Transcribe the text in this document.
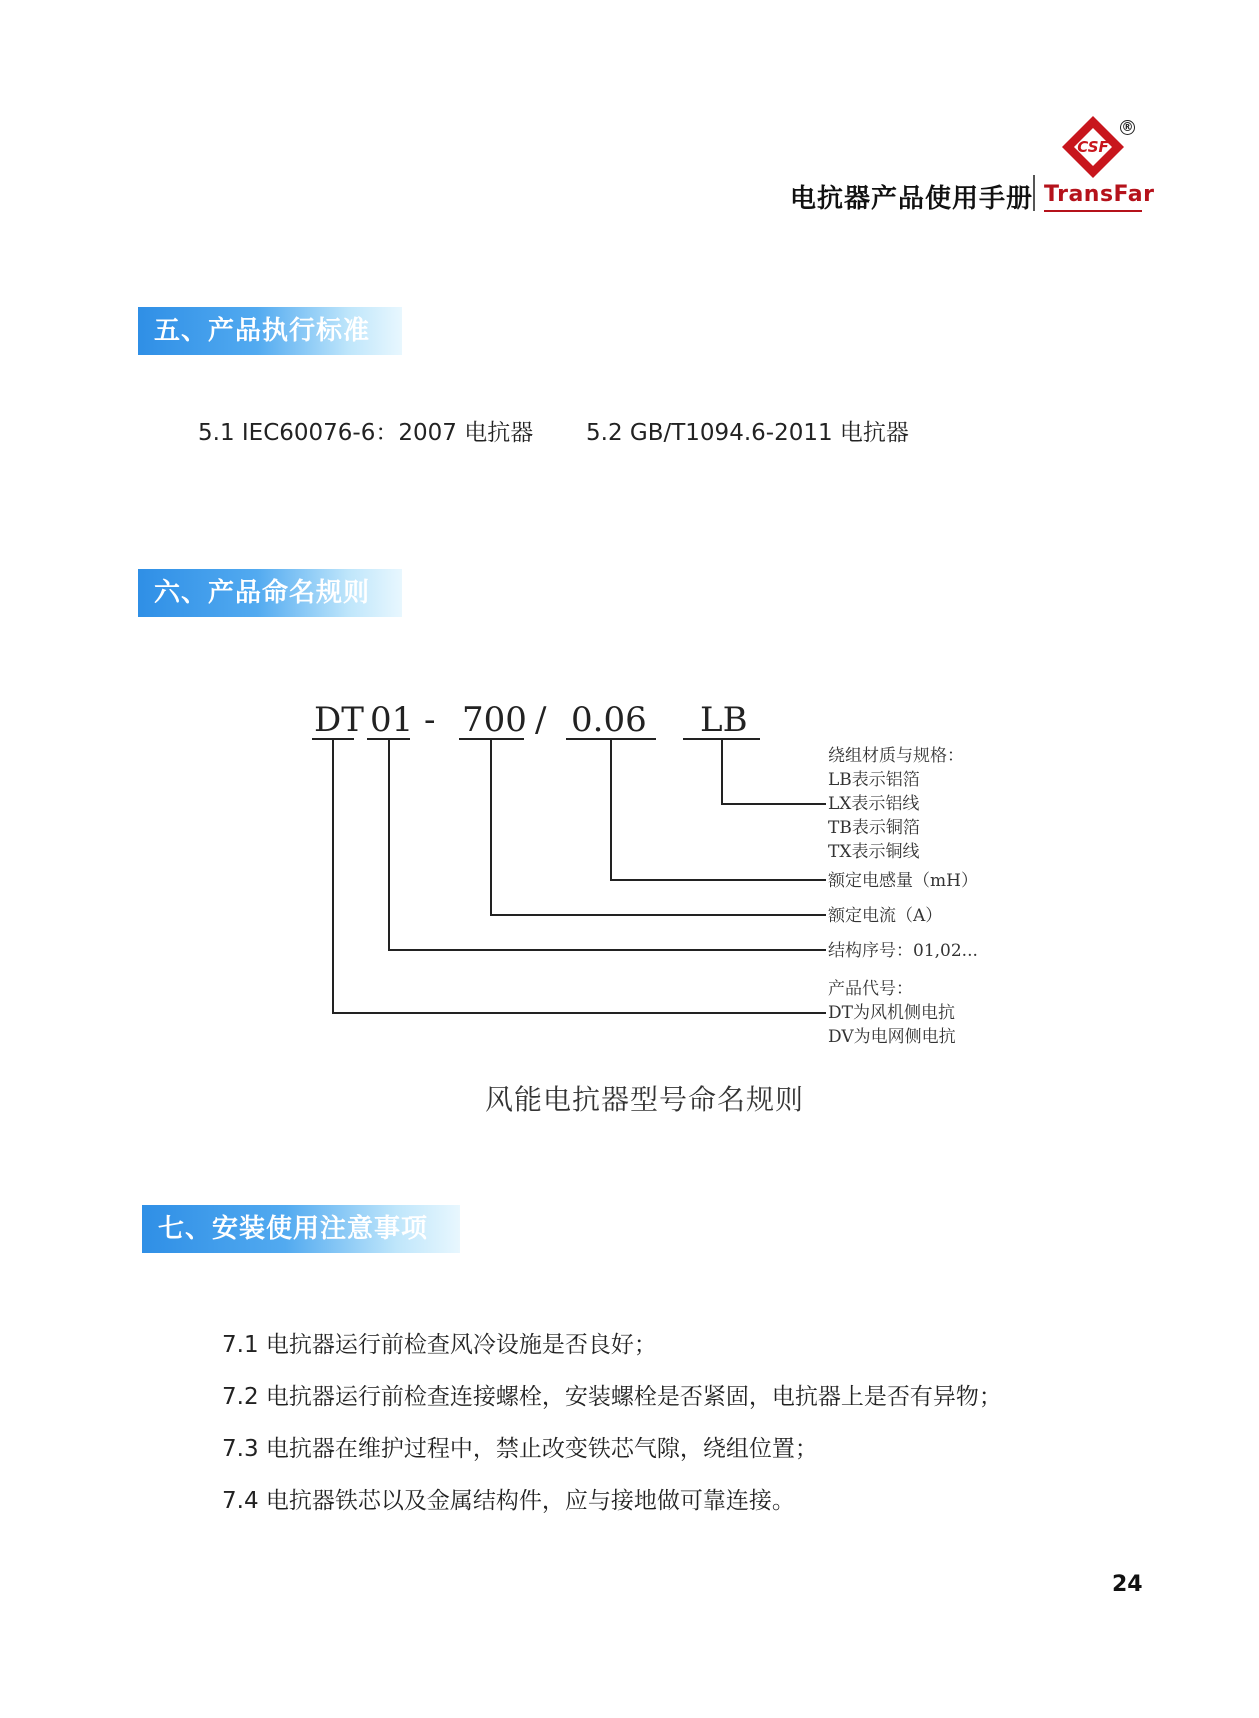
电抗器产品使用手册
CSF
®
TransFar
五、产品执行标准
5.1 IEC60076-6：2007 电抗器 5.2 GB/T1094.6-2011 电抗器
六、产品命名规则
DT 01 - 700 / 0.06 LB
绕组材质与规格：
LB表示铝箔
LX表示铝线
TB表示铜箔
TX表示铜线
额定电感量（mH）
额定电流（A）
结构序号：01,02...
产品代号：
DT为风机侧电抗
DV为电网侧电抗
风能电抗器型号命名规则
七、安装使用注意事项
7.1 电抗器运行前检查风冷设施是否良好；
7.2 电抗器运行前检查连接螺栓，安装螺栓是否紧固，电抗器上是否有异物；
7.3 电抗器在维护过程中，禁止改变铁芯气隙，绕组位置；
7.4 电抗器铁芯以及金属结构件，应与接地做可靠连接。
24
